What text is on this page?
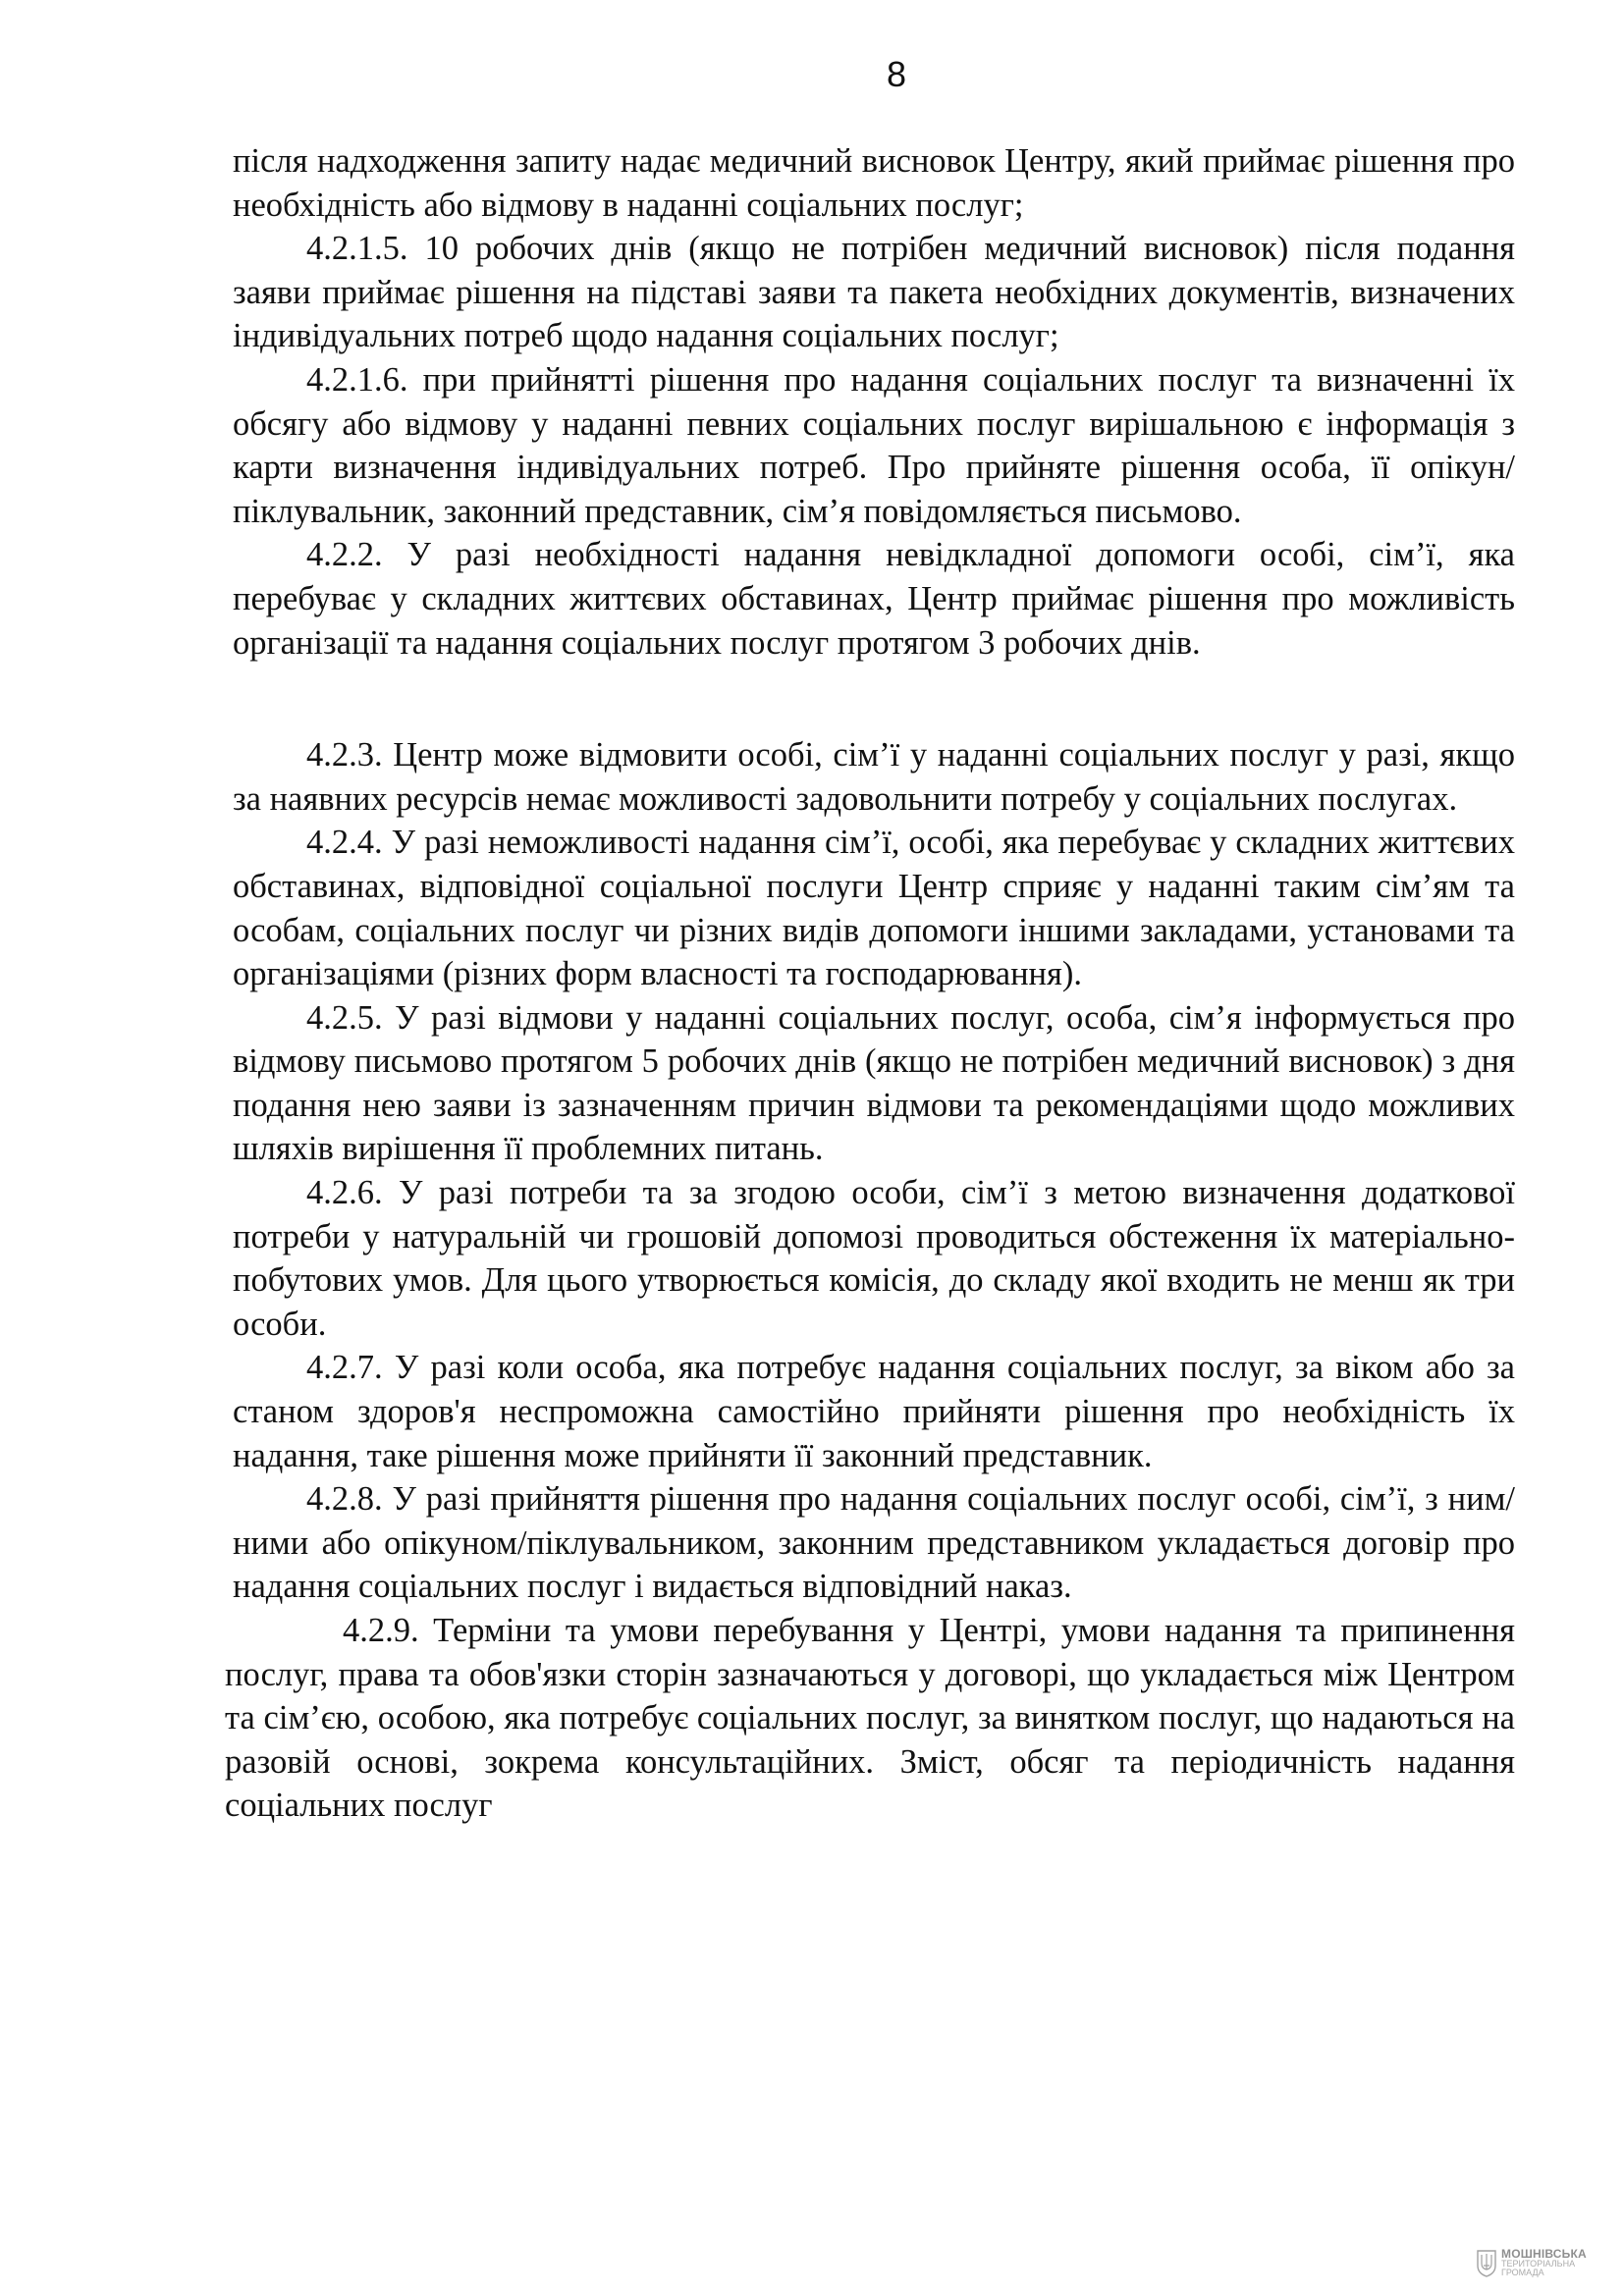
8

після надходження запиту надає медичний висновок Центру, який приймає рішення про необхідність або відмову в наданні соціальних послуг;

4.2.1.5. 10 робочих днів (якщо не потрібен медичний висновок) після подання заяви приймає рішення на підставі заяви та пакета необхідних документів, визначених індивідуальних потреб щодо надання соціальних послуг;

4.2.1.6. при прийнятті рішення про надання соціальних послуг та визначенні їх обсягу або відмову у наданні певних соціальних послуг вирішальною є інформація з карти визначення індивідуальних потреб. Про прийняте рішення особа, її опікун/піклувальник, законний представник, сім’я повідомляється письмово.

4.2.2. У разі необхідності надання невідкладної допомоги особі, сім’ї, яка перебуває у складних життєвих обставинах, Центр приймає рішення про можливість організації та надання соціальних послуг протягом 3 робочих днів.

4.2.3. Центр може відмовити особі, сім’ї у наданні соціальних послуг у разі, якщо за наявних ресурсів немає можливості задовольнити потребу у соціальних послугах.

4.2.4. У разі неможливості надання сім’ї, особі, яка перебуває у складних життєвих обставинах, відповідної соціальної послуги Центр сприяє у наданні таким сім’ям та особам, соціальних послуг чи різних видів допомоги іншими закладами, установами та організаціями (різних форм власності та господарювання).

4.2.5. У разі відмови у наданні соціальних послуг, особа, сім’я інформується про відмову письмово протягом 5 робочих днів (якщо не потрібен медичний висновок) з дня подання нею заяви із зазначенням причин відмови та рекомендаціями щодо можливих шляхів вирішення її проблемних питань.

4.2.6. У разі потреби та за згодою особи, сім’ї з метою визначення додаткової потреби у натуральній чи грошовій допомозі проводиться обстеження їх матеріально-побутових умов. Для цього утворюється комісія, до складу якої входить не менш як три особи.

4.2.7. У разі коли особа, яка потребує надання соціальних послуг, за віком або за станом здоров'я неспроможна самостійно прийняти рішення про необхідність їх надання, таке рішення може прийняти її законний представник.

4.2.8. У разі прийняття рішення про надання соціальних послуг особі, сім’ї, з ним/ними або опікуном/піклувальником, законним представником укладається договір про надання соціальних послуг і видається відповідний наказ.

4.2.9. Терміни та умови перебування у Центрі, умови надання та припинення послуг, права та обов'язки сторін зазначаються у договорі, що укладається між Центром та сім’єю, особою, яка потребує соціальних послуг, за винятком послуг, що надаються на разовій основі, зокрема консультаційних. Зміст, обсяг та періодичність надання соціальних послуг

МОШНІВСЬКА
ТЕРИТОРІАЛЬНА
ГРОМАДА
